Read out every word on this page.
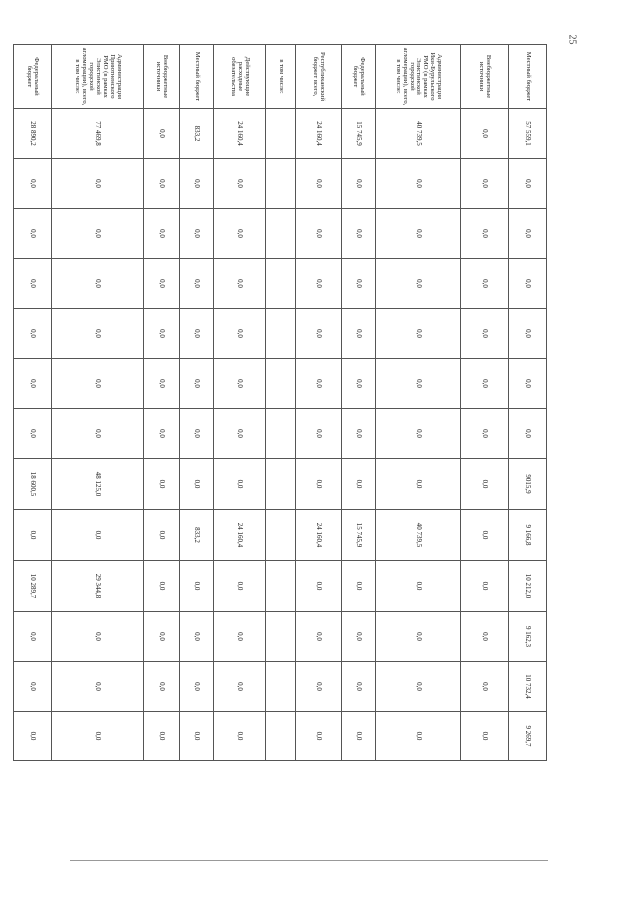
25
Местный бюджет	57 559,1	0,0	0,0	0,0	0,0	0,0	0,0	9015,9	9 166,8	10 212,0	9 162,3	10 732,4	9 269,7
Внебюджетные источники	0,0	0,0	0,0	0,0	0,0	0,0	0,0	0,0	0,0	0,0	0,0	0,0	0,0
Администрация Ики-Бурульского РМО (в рамках Элистинской городской агломерации), всего, в том числе:	40 739,5	0,0	0,0	0,0	0,0	0,0	0,0	0,0	40 739,5	0,0	0,0	0,0	0,0
Федеральный бюджет	15 745,9	0,0	0,0	0,0	0,0	0,0	0,0	0,0	15 745,9	0,0	0,0	0,0	0,0
Республиканский бюджет всего,	24 160,4	0,0	0,0	0,0	0,0	0,0	0,0	0,0	24 160,4	0,0	0,0	0,0	0,0
в том числе:													
Действующие расходные обязательства	24 160,4	0,0	0,0	0,0	0,0	0,0	0,0	0,0	24 160,4	0,0	0,0	0,0	0,0
Местный бюджет	833,2	0,0	0,0	0,0	0,0	0,0	0,0	0,0	833,2	0,0	0,0	0,0	0,0
Внебюджетные источники	0,0	0,0	0,0	0,0	0,0	0,0	0,0	0,0	0,0	0,0	0,0	0,0	0,0
Администрация Приютненского РМО (в рамках Элистинской городской агломерации), всего, в том числе:	77 469,8	0,0	0,0	0,0	0,0	0,0	0,0	48 125,0	0,0	29 344,8	0,0	0,0	0,0
Федеральный бюджет	28 890,2	0,0	0,0	0,0	0,0	0,0	0,0	18 600,5	0,0	10 289,7	0,0	0,0	0,0
